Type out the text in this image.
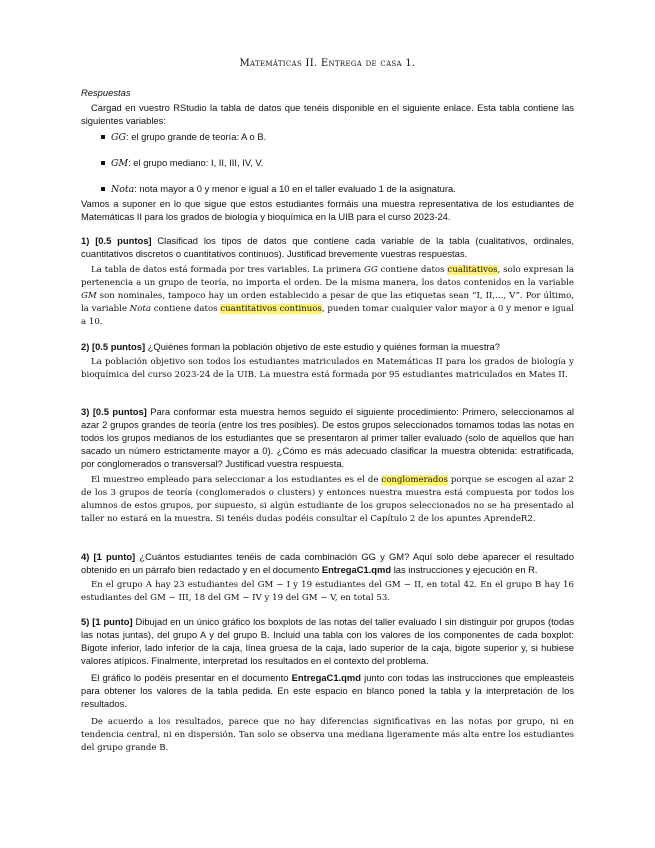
Matemáticas II. Entrega de casa 1.
Respuestas
Cargad en vuestro RStudio la tabla de datos que tenéis disponible en el siguiente enlace. Esta tabla contiene las siguientes variables:
GG: el grupo grande de teoría: A o B.
GM: el grupo mediano: I, II, III, IV, V.
Nota: nota mayor a 0 y menor e igual a 10 en el taller evaluado 1 de la asignatura.
Vamos a suponer en lo que sigue que estos estudiantes formáis una muestra representativa de los estudiantes de Matemáticas II para los grados de biología y bioquímica en la UIB para el curso 2023-24.
1) [0.5 puntos] Clasificad los tipos de datos que contiene cada variable de la tabla (cualitativos, ordinales, cuantitativos discretos o cuantitativos continuos). Justificad brevemente vuestras respuestas.
La tabla de datos está formada por tres variables. La primera GG contiene datos cualitativos, solo expresan la pertenencia a un grupo de teoría, no importa el orden. De la misma manera, los datos contenidos en la variable GM son nominales, tampoco hay un orden establecido a pesar de que las etiquetas sean “I, II,..., V”. Por último, la variable Nota contiene datos cuantitativos continuos, pueden tomar cualquier valor mayor a 0 y menor e igual a 10.
2) [0.5 puntos] ¿Quiénes forman la población objetivo de este estudio y quiénes forman la muestra?
La población objetivo son todos los estudiantes matriculados en Matemáticas II para los grados de biología y bioquímica del curso 2023-24 de la UIB. La muestra está formada por 95 estudiantes matriculados en Mates II.
3) [0.5 puntos] Para conformar esta muestra hemos seguido el siguiente procedimiento: Primero, seleccionamos al azar 2 grupos grandes de teoría (entre los tres posibles). De estos grupos seleccionados tomamos todas las notas en todos los grupos medianos de los estudiantes que se presentaron al primer taller evaluado (solo de aquellos que han sacado un número estrictamente mayor a 0). ¿Cómo es más adecuado clasificar la muestra obtenida: estratificada, por conglomerados o transversal? Justificad vuestra respuesta.
El muestreo empleado para seleccionar a los estudiantes es el de conglomerados porque se escogen al azar 2 de los 3 grupos de teoría (conglomerados o clusters) y entonces nuestra muestra está compuesta por todos los alumnos de estos grupos, por supuesto, si algún estudiante de los grupos seleccionados no se ha presentado al taller no estará en la muestra. Si tenéis dudas podéis consultar el Capítulo 2 de los apuntes AprendeR2.
4) [1 punto] ¿Cuántos estudiantes tenéis de cada combinación GG y GM? Aquí solo debe aparecer el resultado obtenido en un párrafo bien redactado y en el documento EntregaC1.qmd las instrucciones y ejecución en R.
En el grupo A hay 23 estudiantes del GM − I y 19 estudiantes del GM − II, en total 42. En el grupo B hay 16 estudiantes del GM − III, 18 del GM − IV y 19 del GM − V, en total 53.
5) [1 punto] Dibujad en un único gráfico los boxplots de las notas del taller evaluado I sin distinguir por grupos (todas las notas juntas), del grupo A y del grupo B. Incluid una tabla con los valores de los componentes de cada boxplot: Bigote inferior, lado inferior de la caja, línea gruesa de la caja, lado superior de la caja, bigote superior y, si hubiese valores atípicos. Finalmente, interpretad los resultados en el contexto del problema.
El gráfico lo podéis presentar en el documento EntregaC1.qmd junto con todas las instrucciones que empleasteis para obtener los valores de la tabla pedida. En este espacio en blanco poned la tabla y la interpretación de los resultados.
De acuerdo a los resultados, parece que no hay diferencias significativas en las notas por grupo, ni en tendencia central, ni en dispersión. Tan solo se observa una mediana ligeramente más alta entre los estudiantes del grupo grande B.
